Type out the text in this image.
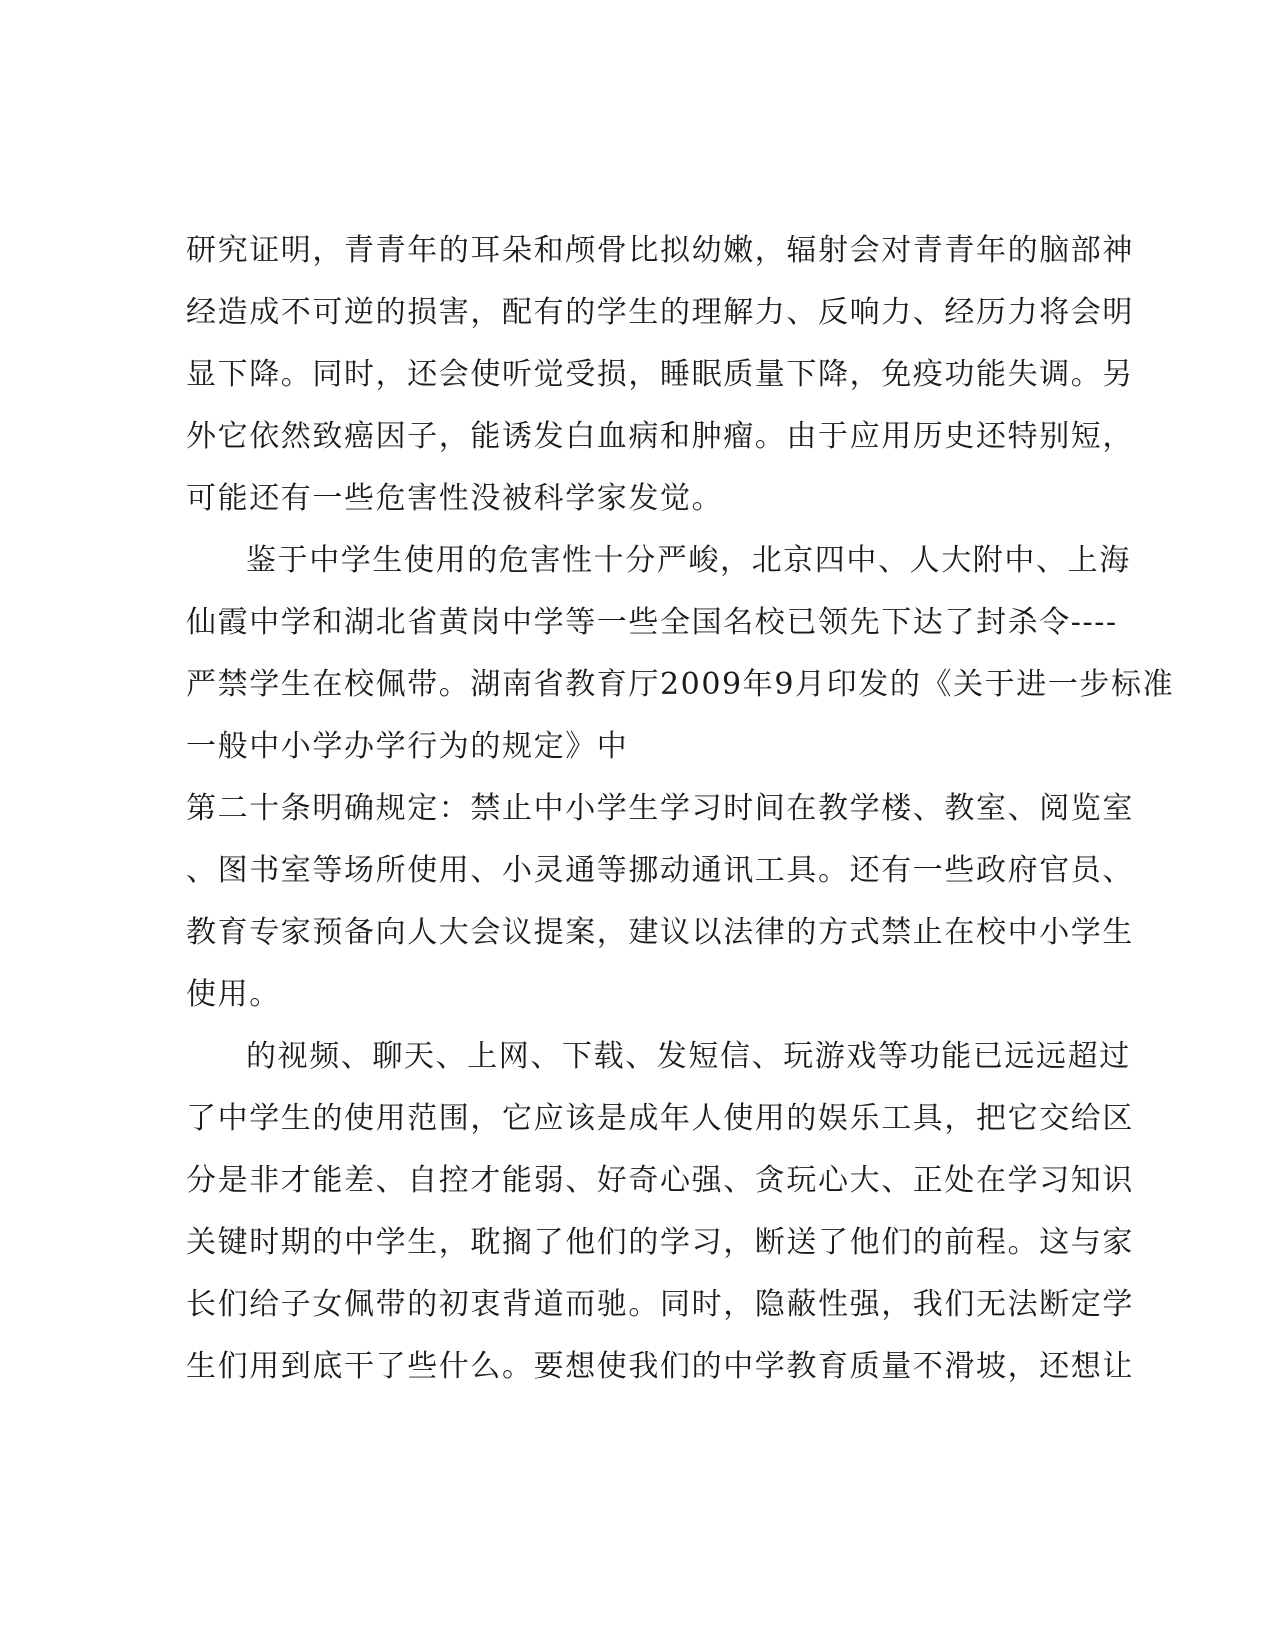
研究证明，青青年的耳朵和颅骨比拟幼嫩，辐射会对青青年的脑部神
经造成不可逆的损害，配有的学生的理解力、反响力、经历力将会明
显下降。同时，还会使听觉受损，睡眠质量下降，免疫功能失调。另
外它依然致癌因子，能诱发白血病和肿瘤。由于应用历史还特别短，
可能还有一些危害性没被科学家发觉。
鉴于中学生使用的危害性十分严峻，北京四中、人大附中、上海
仙霞中学和湖北省黄岗中学等一些全国名校已领先下达了封杀令----
严禁学生在校佩带。湖南省教育厅2009年9月印发的《关于进一步标准
一般中小学办学行为的规定》中
第二十条明确规定：禁止中小学生学习时间在教学楼、教室、阅览室
、图书室等场所使用、小灵通等挪动通讯工具。还有一些政府官员、
教育专家预备向人大会议提案，建议以法律的方式禁止在校中小学生
使用。
的视频、聊天、上网、下载、发短信、玩游戏等功能已远远超过
了中学生的使用范围，它应该是成年人使用的娱乐工具，把它交给区
分是非才能差、自控才能弱、好奇心强、贪玩心大、正处在学习知识
关键时期的中学生，耽搁了他们的学习，断送了他们的前程。这与家
长们给子女佩带的初衷背道而驰。同时，隐蔽性强，我们无法断定学
生们用到底干了些什么。要想使我们的中学教育质量不滑坡，还想让
